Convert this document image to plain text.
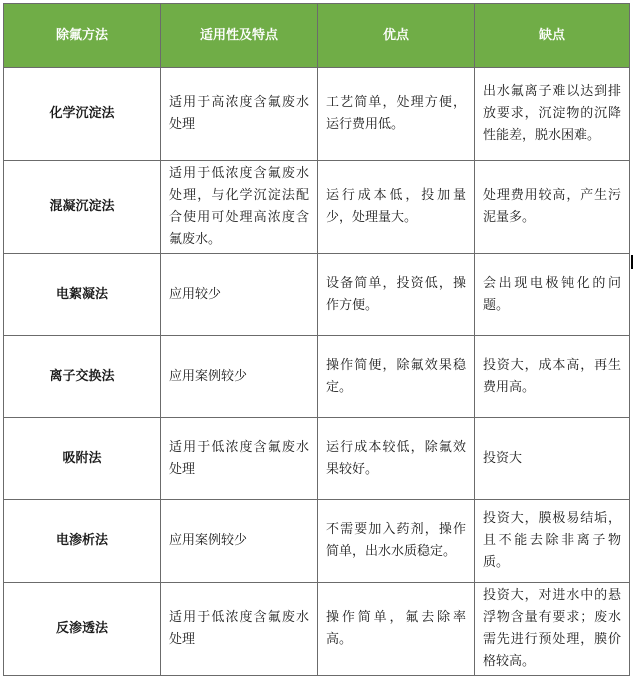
除氟方法	适用性及特点	优点	缺点
化学沉淀法	适用于高浓度含氟废水处理	工艺简单，处理方便，运行费用低。	出水氟离子难以达到排放要求，沉淀物的沉降性能差，脱水困难。
混凝沉淀法	适用于低浓度含氟废水处理，与化学沉淀法配合使用可处理高浓度含氟废水。	运行成本低，投加量少，处理量大。	处理费用较高，产生污泥量多。
电絮凝法	应用较少	设备简单，投资低，操作方便。	会出现电极钝化的问题。
离子交换法	应用案例较少	操作简便，除氟效果稳定。	投资大，成本高，再生费用高。
吸附法	适用于低浓度含氟废水处理	运行成本较低，除氟效果较好。	投资大
电渗析法	应用案例较少	不需要加入药剂，操作简单，出水水质稳定。	投资大，膜极易结垢，且不能去除非离子物质。
反渗透法	适用于低浓度含氟废水处理	操作简单，氟去除率高。	投资大，对进水中的悬浮物含量有要求；废水需先进行预处理，膜价格较高。
